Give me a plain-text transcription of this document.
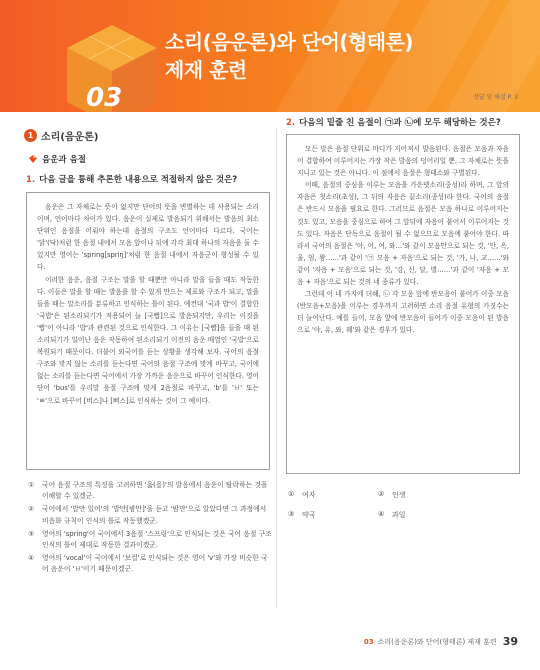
03
소리(음운론)와 단어(형태론)
제재 훈련
정답 및 해설 P. 3
1 소리(음운론)
음운과 음절
1. 다음 글을 통해 추론한 내용으로 적절하지 않은 것은?

음운은 그 자체로는 뜻이 없지만 단어의 뜻을 변별하는 데 사용되는 소리이며, 언어마다 차이가 있다. 음운이 실제로 발음되기 위해서는 발음의 최소 단위인 음절을 이뤄야 하는데 음절의 구조도 언어마다 다르다. 국어는 '닭'(닥)처럼 한 음절 내에서 모음 앞이나 뒤에 각각 최대 하나의 자음을 둘 수 있지만 영어는 'spring[spriŋ]'처럼 한 음절 내에서 자음군이 형성될 수 있다.

이러한 음운, 음절 구조는 말을 할 때뿐만 아니라 말을 들을 때도 작동한다. 이들은 말을 할 때는 발음을 할 수 있게 만드는 제표와 구조가 되고, 말을 들을 때는 말소리를 분류하고 인식하는 틀이 된다. 예컨대 '국과 밥'이 결합한 '국밥'은 된소리되기가 적용되어 늘 [국빱]으로 발음되지만, 우리는 이것을 '빱'이 아니라 '밥'과 관련된 것으로 인식한다. 그 이유는 [국빱]을 들을 때 된소리되기가 일어난 음운 작동하여 된소리되기 이전의 음운 배열인 '국밥'으로 복원되기 때문이다. 더불어 외국어를 듣는 상황을 생각해 보자. 국어의 음절 구조와 맞지 않는 소리를 듣는다면 국어의 음절 구조에 맞게 바꾸고, 국어에 없는 소리를 듣는다면 국어에서 가장 가까운 음운으로 바꾸어 인식한다. 영어 단어 'bus'를 우리말 음절 구조에 맞게 2음절로 바꾸고, 'b'를 'ㅂ' 또는 'ㅃ'으로 바꾸어 [버스]나 [뻐스]로 인식하는 것이 그 예이다.

①	국어 음절 구조의 특징을 고려하면 '읊(읖)'의 발음에서 음운이 탈락하는 것을 이해할 수 있겠군.
②	국어에서 '밥만 있어'의 '밥만[밤만]'을 듣고 '밤만'으로 알았다면 그 과정에서 비음화 규칙이 인식의 틀로 작동했겠군.
③	영어의 'spring'이 국어에서 3음절 '스프링'으로 인식되는 것은 국어 음절 구조 인식의 틀이 제대로 작동한 결과이겠군.
④	영어의 'vocal'이 국어에서 '보컬'로 인식되는 것은 영어 'v'와 가장 비슷한 국어 음운이 'ㅂ'이기 때문이겠군.
2. 다음의 밑줄 친 음절이 ㉠과 ㉡에 모두 해당하는 것은?

모든 말은 음절 단위로 마디가 지어져서 발음된다. 음절은 모음과 자음이 결합하여 이루어지는 가장 작은 발음의 덩어리일 뿐, 그 자체로는 뜻을 지니고 있는 것은 아니다. 이 점에서 음절은 형태소와 구별된다.

이때, 음절의 중심을 이루는 모음을 가운뎃소리(중성)라 하며, 그 앞의 자음은 첫소리(초성), 그 뒤의 자음은 끝소리(종성)라 한다. 국어의 음절은 반드시 모음을 필요로 한다. 그러므로 음절은 모음 하나로 이루어지는 것도 있고, 모음을 중심으로 하여 그 앞뒤에 자음이 붙어서 이루어지는 것도 있다. 자음은 단독으로 음절이 될 수 없으므로 모음에 붙어야 한다. 따라서 국어의 음절은 '아, 어, 여, 와…'와 같이 모음만으로 되는 것, '안, 옥, 울, 엄, 왕……'과 같이 '㉠ 모음 + 자음'으로 되는 것, '가, 나, 교……'와 같이 '자음 + 모음'으로 되는 것, '강, 신, 달, 별……'과 같이 '자음 + 모음 + 자음'으로 되는 것의 네 종류가 있다.

그런데 이 네 가지에 더해, ㉡ 각 모음 앞에 반모음이 붙어가 이중 모음(반모음+모음)을 이루는 경우까지 고려하면 소리 음절 유형의 가짓수는 더 늘어난다. 예를 들어, 모음 앞에 반모음이 들어가 이중 모음이 된 발음으로 '야, 유, 와, 웨'와 같은 경우가 있다.

①	여자	②	인생
③	약국	④	과일
03 소리(음운론)와 단어(형태론) 제재 훈련 39
